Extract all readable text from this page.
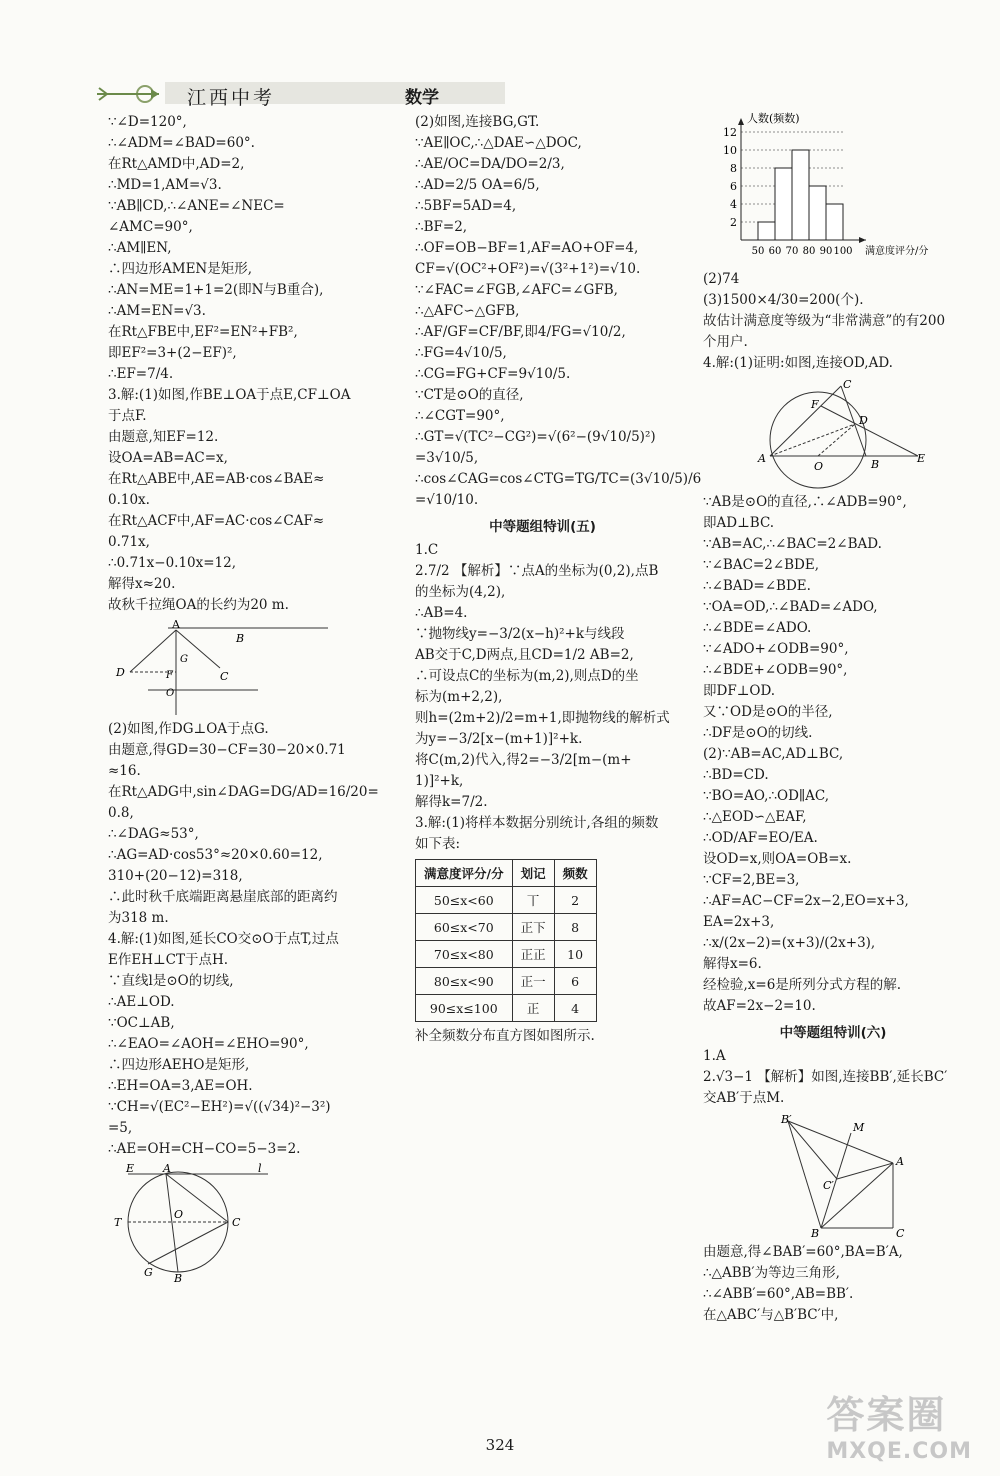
江西中考	数学

∵∠D=120°,

∴∠ADM=∠BAD=60°.

在Rt△AMD中,AD=2,

∴MD=1,AM=√3.

∵AB∥CD,∴∠ANE=∠NEC=

∠AMC=90°,

∴AM∥EN,

∴四边形AMEN是矩形,

∴AN=ME=1+1=2(即N与B重合),

∴AM=EN=√3.

在Rt△FBE中,EF²=EN²+FB²,

即EF²=3+(2−EF)²,

∴EF=7/4.

3.解:(1)如图,作BE⊥OA于点E,CF⊥OA

于点F.

由题意,知EF=12.

设OA=AB=AC=x,

在Rt△ABE中,AE=AB·cos∠BAE≈

0.10x.

在Rt△ACF中,AF=AC·cos∠CAF≈

0.71x,

∴0.71x−0.10x=12,

解得x≈20.

故秋千拉绳OA的长约为20 m.

A
B
D	C
F
G
O

(2)如图,作DG⊥OA于点G.

由题意,得GD=30−CF=30−20×0.71

≈16.

在Rt△ADG中,sin∠DAG=DG/AD=16/20=

0.8,

∴∠DAG≈53°,

∴AG=AD·cos53°≈20×0.60=12,

310+(20−12)=318,

∴此时秋千底端距离悬崖底部的距离约

为318 m.

4.解:(1)如图,延长CO交⊙O于点T,过点

E作EH⊥CT于点H.

∵直线l是⊙O的切线,

∴AE⊥OD.

∵OC⊥AB,

∴∠EAO=∠AOH=∠EHO=90°,

∴四边形AEHO是矩形,

∴EH=OA=3,AE=OH.

∵CH=√(EC²−EH²)=√((√34)²−3²)

=5,

∴AE=OH=CH−CO=5−3=2.

E	A	l
T	C
O
G B

(2)如图,连接BG,GT.

∵AE∥OC,∴△DAE∽△DOC,

∴AE/OC=DA/DO=2/3,

∴AD=2/5 OA=6/5,

∴5BF=5AD=4,

∴BF=2,

∴OF=OB−BF=1,AF=AO+OF=4,

CF=√(OC²+OF²)=√(3²+1²)=√10.

∵∠FAC=∠FGB,∠AFC=∠GFB,

∴△AFC∽△GFB,

∴AF/GF=CF/BF,即4/FG=√10/2,

∴FG=4√10/5,

∴CG=FG+CF=9√10/5.

∵CT是⊙O的直径,

∴∠CGT=90°,

∴GT=√(TC²−CG²)=√(6²−(9√10/5)²)

=3√10/5,

∴cos∠CAG=cos∠CTG=TG/TC=(3√10/5)/6

=√10/10.

中等题组特训(五)

1.C

2.7/2 【解析】∵点A的坐标为(0,2),点B

的坐标为(4,2),

∴AB=4.

∵抛物线y=−3/2(x−h)²+k与线段

AB交于C,D两点,且CD=1/2 AB=2,

∴可设点C的坐标为(m,2),则点D的坐

标为(m+2,2),

则h=(2m+2)/2=m+1,即抛物线的解析式

为y=−3/2[x−(m+1)]²+k.

将C(m,2)代入,得2=−3/2[m−(m+

1)]²+k,

解得k=7/2.

3.解:(1)将样本数据分别统计,各组的频数

如下表:

满意度评分/分	划记	频数
50≤x<60	丅	2
60≤x<70	正下	8
70≤x<80	正正	10
80≤x<90	正一	6
90≤x≤100	正	4

补全频数分布直方图如图所示.

2
4
6
8
10
12
50 60 70 80 90 100
人数(频数)
满意度评分/分

(2)74

(3)1500×4/30=200(个).

故估计满意度等级为“非常满意”的有200

个用户.

4.解:(1)证明:如图,连接OD,AD.

C
F
D
A
O	B	E

∵AB是⊙O的直径,∴∠ADB=90°,

即AD⊥BC.

∵AB=AC,∴∠BAC=2∠BAD.

∵∠BAC=2∠BDE,

∴∠BAD=∠BDE.

∵OA=OD,∴∠BAD=∠ADO,

∴∠BDE=∠ADO.

∵∠ADO+∠ODB=90°,

∴∠BDE+∠ODB=90°,

即DF⊥OD.

又∵OD是⊙O的半径,

∴DF是⊙O的切线.

(2)∵AB=AC,AD⊥BC,

∴BD=CD.

∵BO=AO,∴OD∥AC,

∴△EOD∽△EAF,

∴OD/AF=EO/EA.

设OD=x,则OA=OB=x.

∵CF=2,BE=3,

∴AF=AC−CF=2x−2,EO=x+3,

EA=2x+3,

∴x/(2x−2)=(x+3)/(2x+3),

解得x=6.

经检验,x=6是所列分式方程的解.

故AF=2x−2=10.

中等题组特训(六)

1.A

2.√3−1 【解析】如图,连接BB′,延长BC′

交AB′于点M.

B′
M
A
C′
B	C

由题意,得∠BAB′=60°,BA=B′A,

∴△ABB′为等边三角形,

∴∠ABB′=60°,AB=BB′.

在△ABC′与△B′BC′中,

324
答案圈
MXQE.COM
